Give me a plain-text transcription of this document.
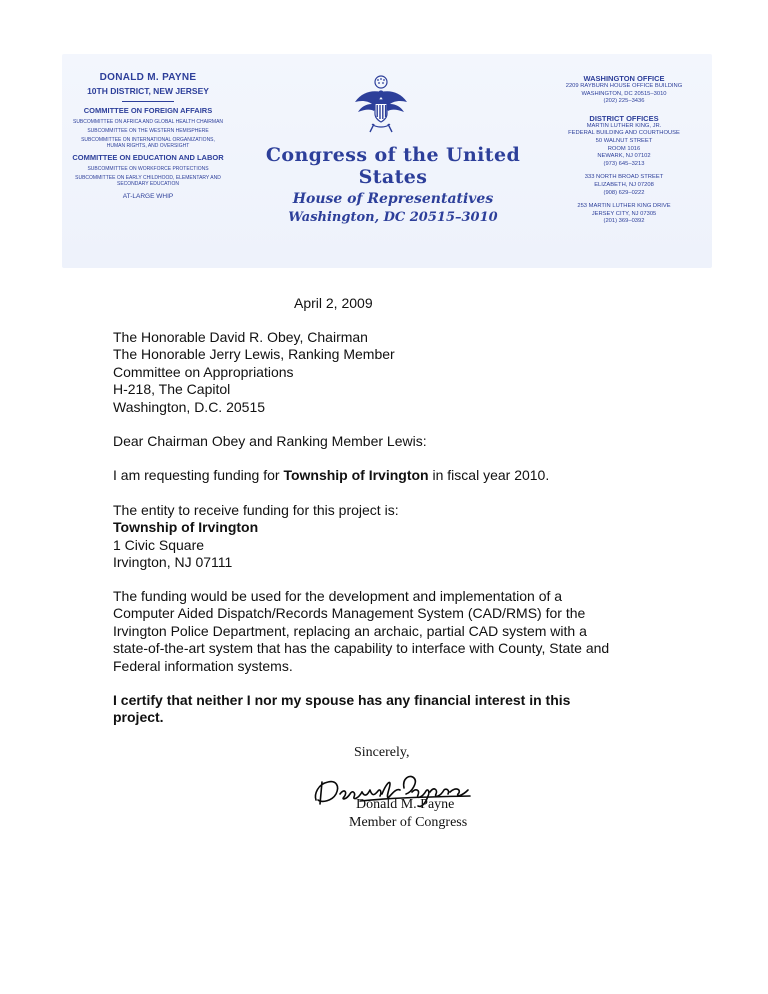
DONALD M. PAYNE
10TH DISTRICT, NEW JERSEY
COMMITTEE ON FOREIGN AFFAIRS
SUBCOMMITTEE ON AFRICA AND GLOBAL HEALTH CHAIRMAN
SUBCOMMITTEE ON THE WESTERN HEMISPHERE
SUBCOMMITTEE ON INTERNATIONAL ORGANIZATIONS, HUMAN RIGHTS, AND OVERSIGHT
COMMITTEE ON EDUCATION AND LABOR
SUBCOMMITTEE ON WORKFORCE PROTECTIONS
SUBCOMMITTEE ON EARLY CHILDHOOD, ELEMENTARY AND SECONDARY EDUCATION
AT-LARGE WHIP
Congress of the United States
House of Representatives
Washington, DC 20515–3010
WASHINGTON OFFICE
2209 RAYBURN HOUSE OFFICE BUILDING
WASHINGTON, DC 20515–3010
(202) 225–3436
DISTRICT OFFICES
MARTIN LUTHER KING, JR.
FEDERAL BUILDING AND COURTHOUSE
50 WALNUT STREET
ROOM 1016
NEWARK, NJ 07102
(973) 645–3213
333 NORTH BROAD STREET
ELIZABETH, NJ 07208
(908) 629–0222
253 MARTIN LUTHER KING DRIVE
JERSEY CITY, NJ 07305
(201) 369–0392
April 2, 2009
The Honorable David R. Obey, Chairman
The Honorable Jerry Lewis, Ranking Member
Committee on Appropriations
H-218, The Capitol
Washington, D.C. 20515
Dear Chairman Obey and Ranking Member Lewis:
I am requesting funding for Township of Irvington in fiscal year 2010.
The entity to receive funding for this project is:
Township of Irvington
1 Civic Square
Irvington, NJ 07111
The funding would be used for the development and implementation of a
Computer Aided Dispatch/Records Management System (CAD/RMS) for the
Irvington Police Department, replacing an archaic, partial CAD system with a
state-of-the-art system that has the capability to interface with County, State and
Federal information systems.
I certify that neither I nor my spouse has any financial interest in this
project.
Sincerely,
Donald M. Payne
Member of Congress
